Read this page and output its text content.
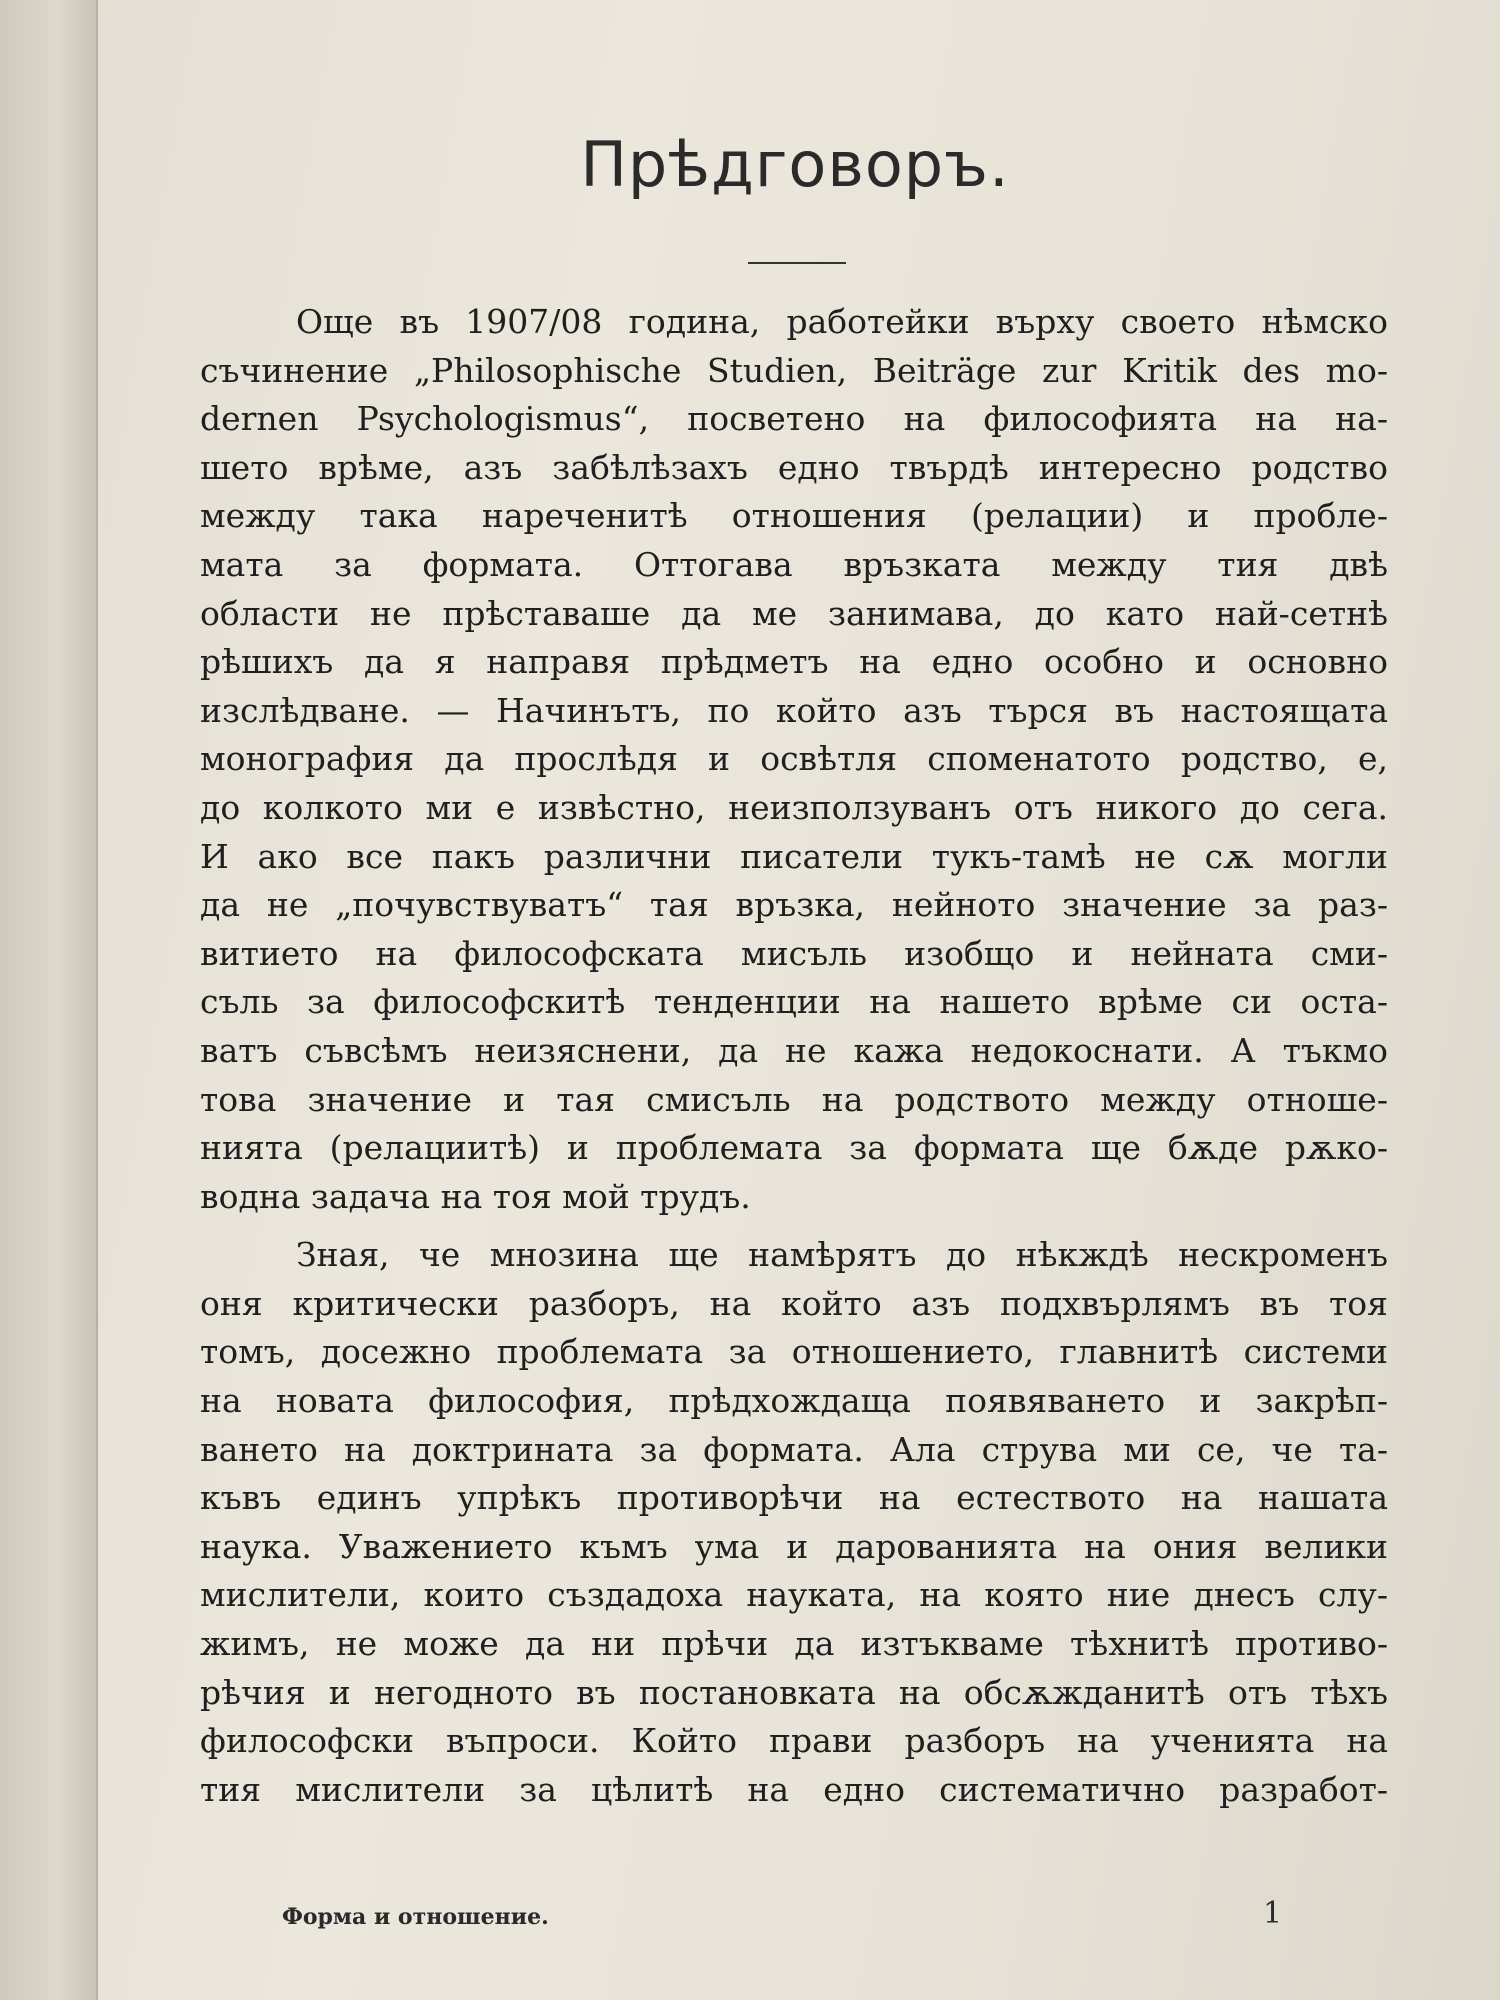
Прѣдговоръ.
Още въ 1907/08 година, работейки върху своето нѣмско
съчинение „Philosophische Studien, Beiträge zur Kritik des mo-
dernen Psychologismus“, посветено на философията на на-
шето врѣме, азъ забѣлѣзахъ едно твърдѣ интересно родство
между така нареченитѣ отношения (релации) и пробле-
мата за формата. Оттогава връзката между тия двѣ
области не прѣставаше да ме занимава, до като най-сетнѣ
рѣшихъ да я направя прѣдметъ на едно особно и основно
изслѣдване. — Начинътъ, по който азъ търся въ настоящата
монография да прослѣдя и освѣтля споменатото родство, е,
до колкото ми е извѣстно, неизползуванъ отъ никого до сега.
И ако все пакъ различни писатели тукъ-тамѣ не сѫ могли
да не „почувствуватъ“ тая връзка, нейното значение за раз-
витието на философската мисъль изобщо и нейната сми-
съль за философскитѣ тенденции на нашето врѣме си оста-
ватъ съвсѣмъ неизяснени, да не кажа недокоснати. А тъкмо
това значение и тая смисъль на родството между отноше-
нията (релациитѣ) и проблемата за формата ще бѫде рѫко-
водна задача на тоя мой трудъ.
Зная, че мнозина ще намѣрятъ до нѣкждѣ нескроменъ
оня критически разборъ, на който азъ подхвърлямъ въ тоя
томъ, досежно проблемата за отношението, главнитѣ системи
на новата философия, прѣдхождаща появяването и закрѣп-
ването на доктрината за формата. Ала струва ми се, че та-
къвъ единъ упрѣкъ противорѣчи на естеството на нашата
наука. Уважението къмъ ума и дарованията на ония велики
мислители, които създадоха науката, на която ние днесъ слу-
жимъ, не може да ни прѣчи да изтъкваме тѣхнитѣ противо-
рѣчия и негодното въ постановката на обсѫжданитѣ отъ тѣхъ
философски въпроси. Който прави разборъ на ученията на
тия мислители за цѣлитѣ на едно систематично разработ-
Форма и отношение.	1
